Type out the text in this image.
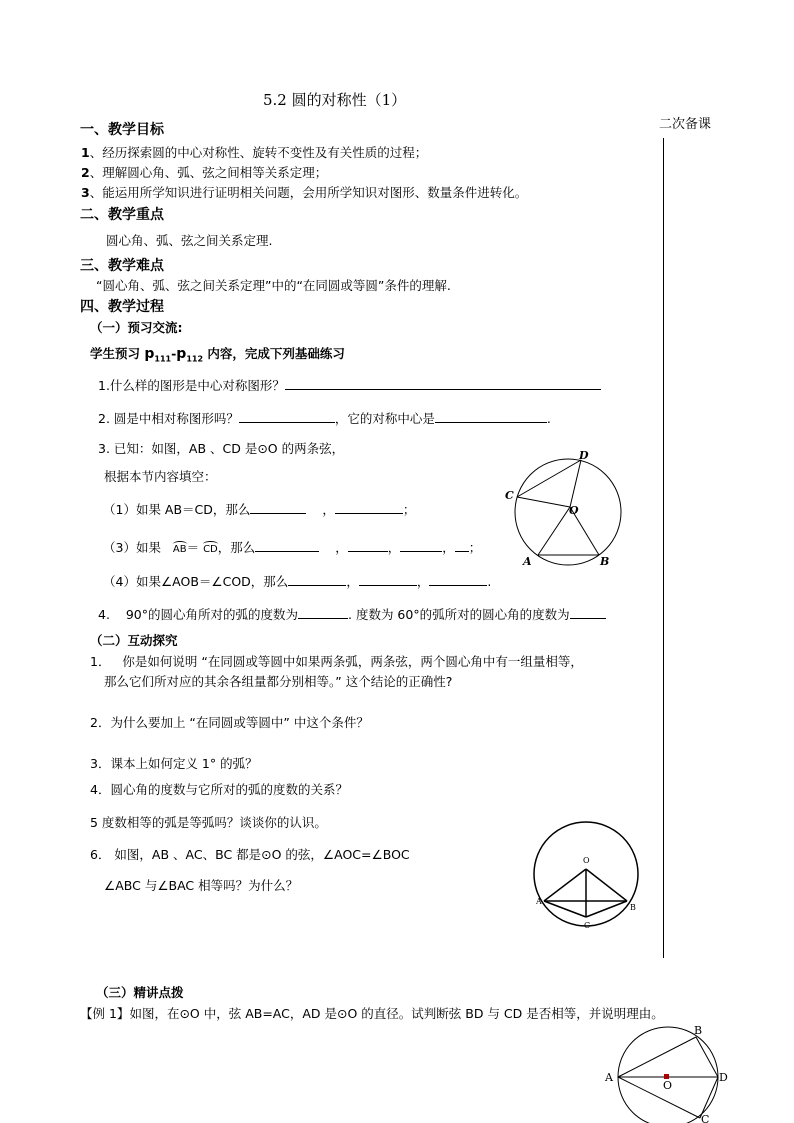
5.2 圆的对称性（1）
二次备课
一、教学目标
1、经历探索圆的中心对称性、旋转不变性及有关性质的过程；
2、理解圆心角、弧、弦之间相等关系定理；
3、能运用所学知识进行证明相关问题，会用所学知识对图形、数量条件进转化。
二、教学重点
圆心角、弧、弦之间关系定理.
三、教学难点
“圆心角、弧、弦之间关系定理”中的“在同圆或等圆”条件的理解.
四、教学过程
（一）预习交流:
学生预习 $p_{111}-p_{112}$ 内容，完成下列基础练习
1.什么样的图形是中心对称图形？
2. 圆是中相对称图形吗？	，它的对称中心是	.
3. 已知：如图，AB 、CD 是⊙O 的两条弦，
根据本节内容填空：
（1）如果 AB＝CD，那么	，	；
（3）如果 AB＝ CD，那么	，	，	， ；
（4）如果∠AOB＝∠COD，那么	，	，	.
4. 90°的圆心角所对的弧的度数为	. 度数为 60°的弧所对的圆心角的度数为
（二）互动探究
1． 你是如何说明 “在同圆或等圆中如果两条弧，两条弦，两个圆心角中有一组量相等，
那么它们所对应的其余各组量都分别相等。” 这个结论的正确性?
2．为什么要加上 “在同圆或等圆中” 中这个条件？
3．课本上如何定义 1° 的弧？
4．圆心角的度数与它所对的弧的度数的关系？
5 度数相等的弧是等弧吗？谈谈你的认识。
6． 如图，AB 、AC、BC 都是⊙O 的弦，∠AOC=∠BOC
∠ABC 与∠BAC 相等吗？为什么？
（三）精讲点拨
【例 1】如图，在⊙O 中，弦 AB=AC，AD 是⊙O 的直径。试判断弦 BD 与 CD 是否相等，并说明理由。
D
C
O
A	B
O
A
B
C
A
B
D
O
C
